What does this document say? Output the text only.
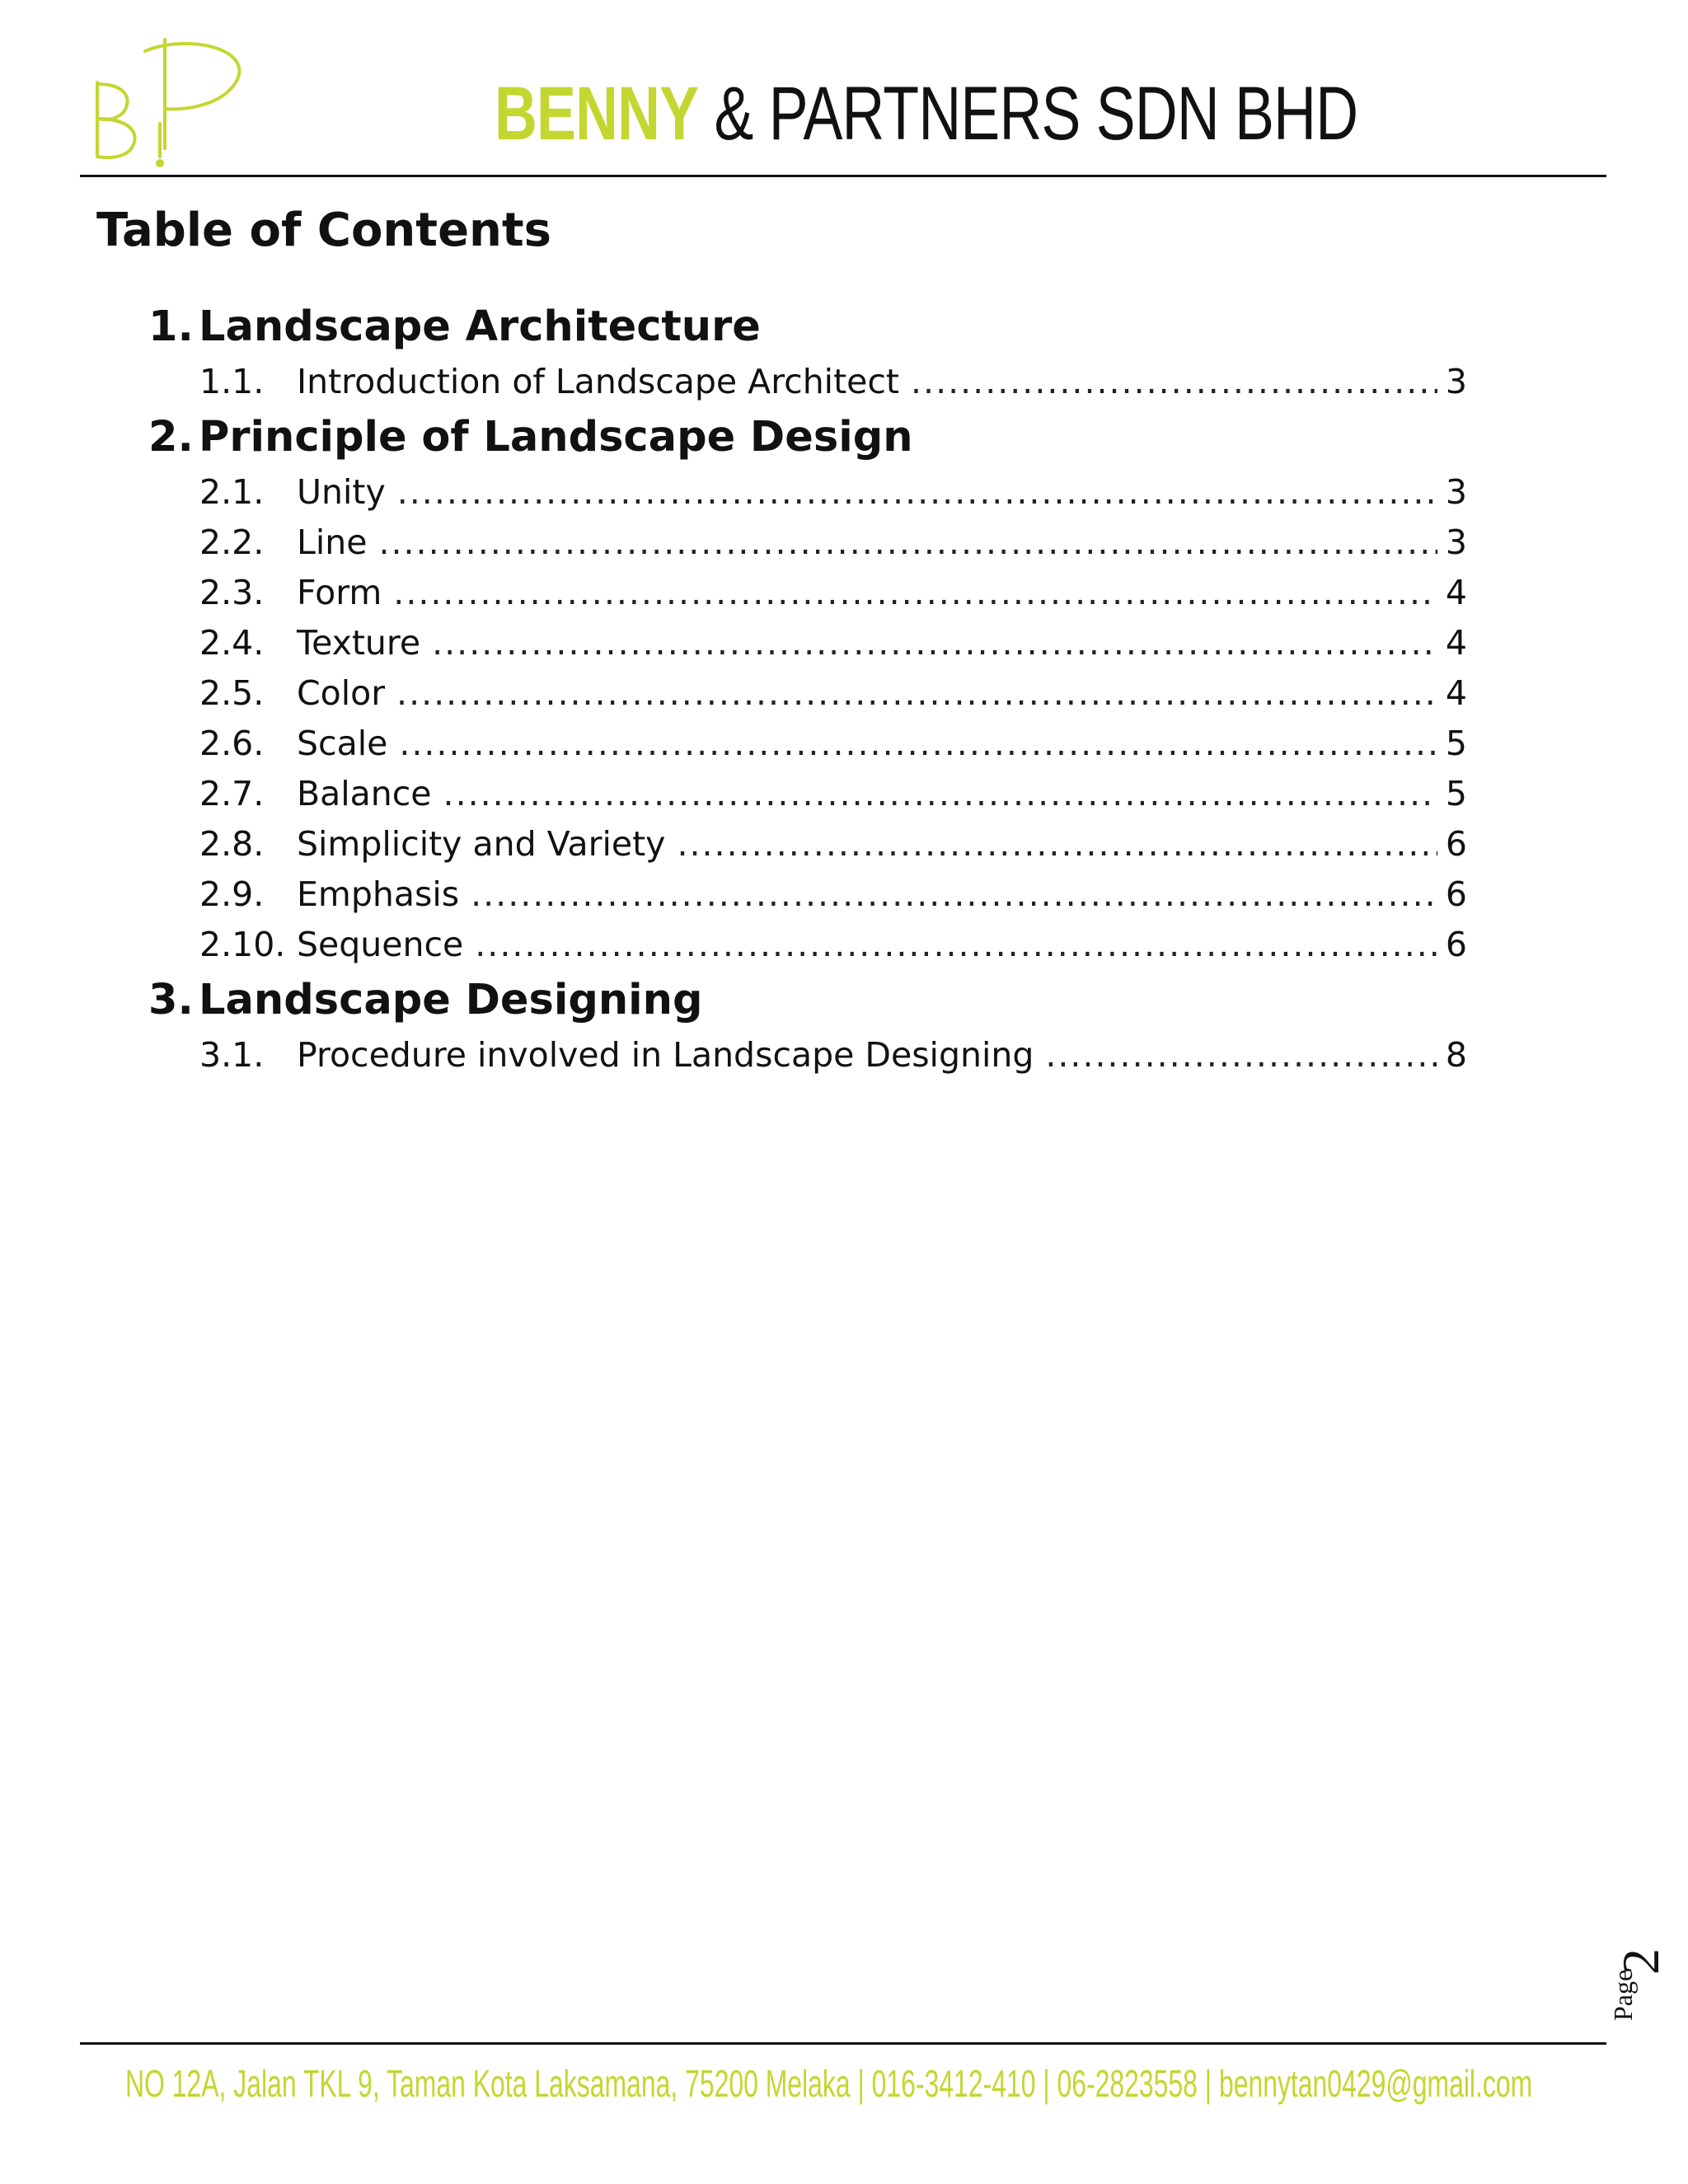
BENNY & PARTNERS SDN BHD
Table of Contents
1. Landscape Architecture
1.1. Introduction of Landscape Architect .....	3
2. Principle of Landscape Design
2.1. Unity .....	3
2.2. Line .....	3
2.3. Form .....	4
2.4. Texture .....	4
2.5. Color .....	4
2.6. Scale .....	5
2.7. Balance .....	5
2.8. Simplicity and Variety .....	6
2.9. Emphasis .....	6
2.10. Sequence .....	6
3. Landscape Designing
3.1. Procedure involved in Landscape Designing .....	8
Page
2
NO 12A, Jalan TKL 9, Taman Kota Laksamana, 75200 Melaka | 016-3412-410 | 06-2823558 | bennytan0429@gmail.com
